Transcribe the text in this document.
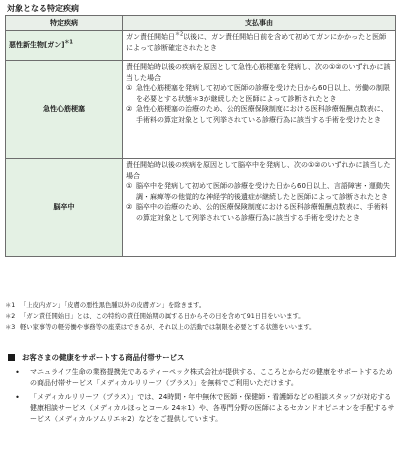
対象となる特定疾病
特定疾病	支払事由
悪性新生物[ガン]$^{*1}$	ガン責任開始日$^{*2}$以後に、ガン責任開始日前を含めて初めてガンにかかったと医師によって診断確定されたとき
急性心筋梗塞	責任開始時以後の疾病を原因として急性心筋梗塞を発病し、次の①②のいずれかに該当した場合
① 急性心筋梗塞を発病して初めて医師の診療を受けた日から60日以上、労働の制限を必要とする状態＊3が継続したと医師によって診断されたとき
② 急性心筋梗塞の治療のため、公的医療保険制度における医科診療報酬点数表に、手術料の算定対象として列挙されている診療行為に該当する手術を受けたとき

脳卒中	責任開始時以後の疾病を原因として脳卒中を発病し、次の①②のいずれかに該当した場合
① 脳卒中を発病して初めて医師の診療を受けた日から60日以上、言語障害・運動失調・麻痺等の他覚的な神経学的後遺症が継続したと医師によって診断されたとき
② 脳卒中の治療のため、公的医療保険制度における医科診療報酬点数表に、手術料の算定対象として列挙されている診療行為に該当する手術を受けたとき
＊1 「上皮内ガン」「皮膚の悪性黒色腫以外の皮膚ガン」を除きます。
＊2 「ガン責任開始日」とは、この特約の責任開始期の属する日からその日を含めて91日目をいいます。
＊3 軽い家事等の軽労働や事務等の座業はできるが、それ以上の活動では制限を必要とする状態をいいます。
お客さまの健康をサポートする商品付帯サービス
•	マニュライフ生命の業務提携先であるティーペック株式会社が提供する、こころとからだの健康をサポートするための商品付帯サービス「メディカルリリーフ（プラス）」を無料でご利用いただけます。
•	「メディカルリリーフ（プラス）」では、24時間・年中無休で医師・保健師・看護師などの相談スタッフが対応する健康相談サービス（メディカルほっとコール 24＊1）や、各専門分野の医師によるセカンドオピニオンを手配するサービス（メディカルソムリエ＊2）などをご提供しています。
